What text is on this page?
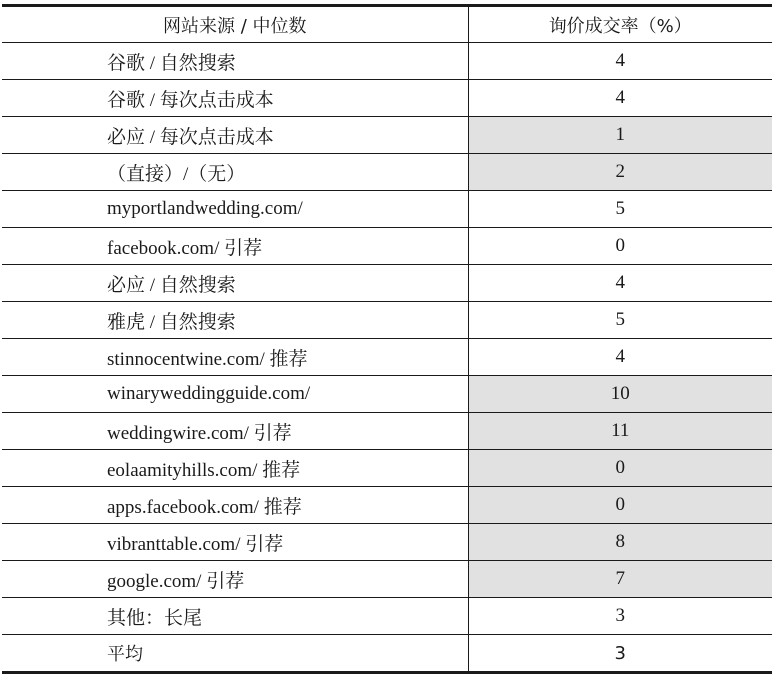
网站来源 / 中位数	询价成交率（%）
谷歌 / 自然搜索	4
谷歌 / 每次点击成本	4
必应 / 每次点击成本	1
（直接）/（无）	2
myportlandwedding.com/	5
facebook.com/ 引荐	0
必应 / 自然搜索	4
雅虎 / 自然搜索	5
stinnocentwine.com/ 推荐	4
winaryweddingguide.com/	10
weddingwire.com/ 引荐	11
eolaamityhills.com/ 推荐	0
apps.facebook.com/ 推荐	0
vibranttable.com/ 引荐	8
google.com/ 引荐	7
其他：长尾	3
平均	3
